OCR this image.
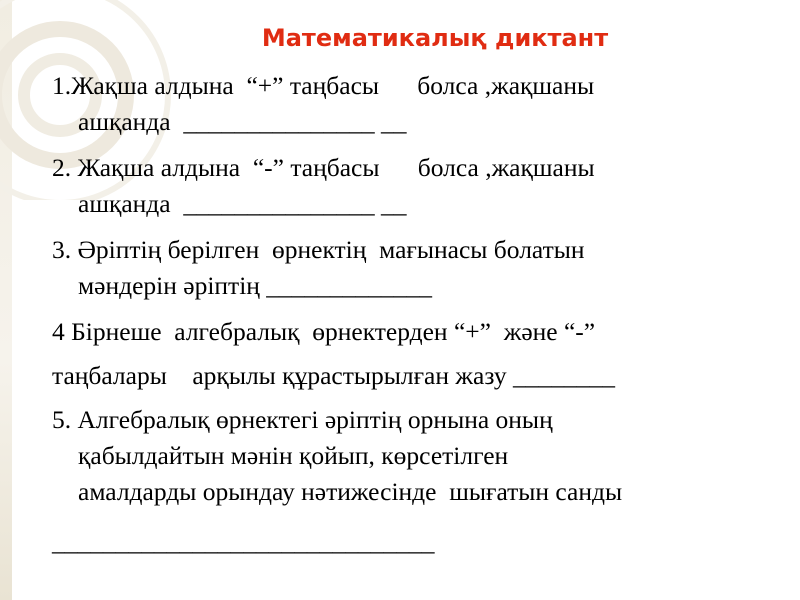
Математикалық диктант
1.Жақша алдына  “+” таңбасы      болса ,жақшаны
ашқанда  _______________ __
2. Жақша алдына  “-” таңбасы      болса ,жақшаны
ашқанда  _______________ __
3. Әріптің берілген  өрнектің  мағынасы болатын
мәндерін әріптің _____________
4 Бірнеше  алгебралық  өрнектерден “+”  және “-”
таңбалары    арқылы құрастырылған жазу ________
5. Алгебралық өрнектегі әріптің орнына оның
қабылдайтын мәнін қойып, көрсетілген
амалдарды орындау нәтижесінде  шығатын санды
______________________________
